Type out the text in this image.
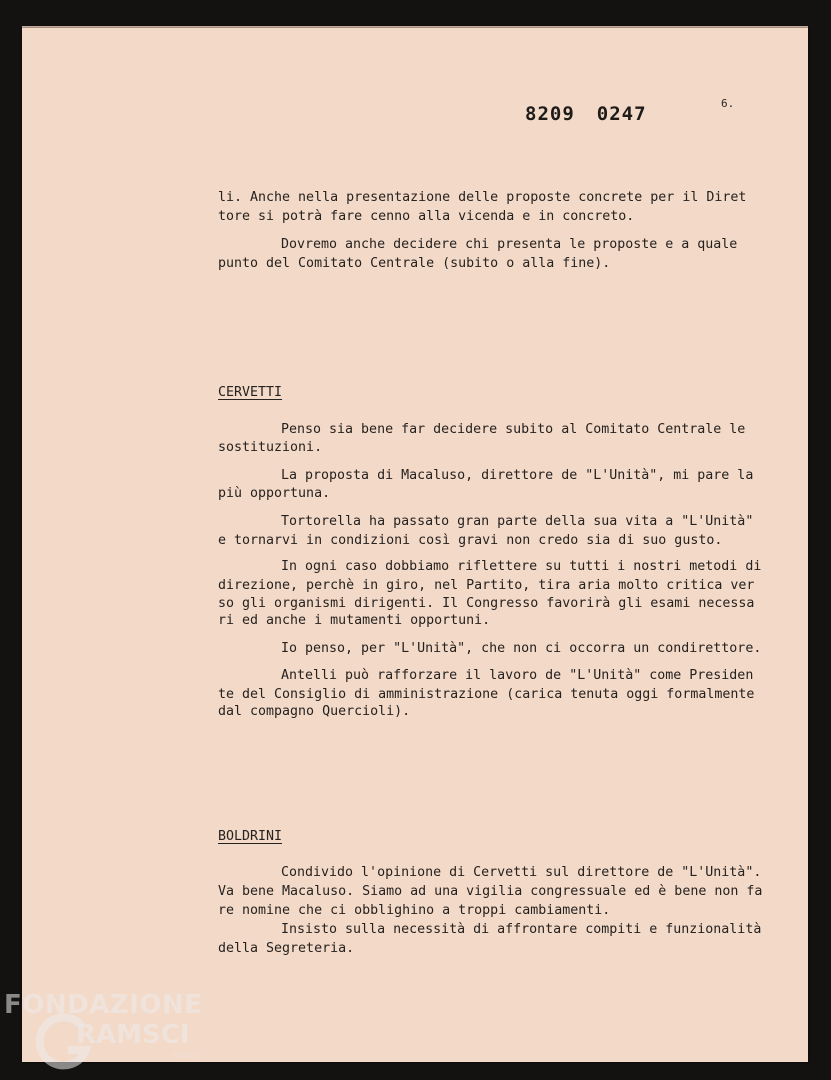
8209 0247	6.
li. Anche nella presentazione delle proposte concrete per il Diret
tore si potrà fare cenno alla vicenda e in concreto.
Dovremo anche decidere chi presenta le proposte e a quale
punto del Comitato Centrale (subito o alla fine).
CERVETTI
Penso sia bene far decidere subito al Comitato Centrale le
sostituzioni.
La proposta di Macaluso, direttore de "L'Unità", mi pare la
più opportuna.
Tortorella ha passato gran parte della sua vita a "L'Unità"
e tornarvi in condizioni così gravi non credo sia di suo gusto.
In ogni caso dobbiamo riflettere su tutti i nostri metodi di
direzione, perchè in giro, nel Partito, tira aria molto critica ver
so gli organismi dirigenti. Il Congresso favorirà gli esami necessa
ri ed anche i mutamenti opportuni.
Io penso, per "L'Unità", che non ci occorra un condirettore.
Antelli può rafforzare il lavoro de "L'Unità" come Presiden
te del Consiglio di amministrazione (carica tenuta oggi formalmente
dal compagno Quercioli).
BOLDRINI
Condivido l'opinione di Cervetti sul direttore de "L'Unità".
Va bene Macaluso. Siamo ad una vigilia congressuale ed è bene non fa
re nomine che ci obblighino a troppi cambiamenti.
Insisto sulla necessità di affrontare compiti e funzionalità
della Segreteria.
FONDAZIONE
RAMSCI
onlus
